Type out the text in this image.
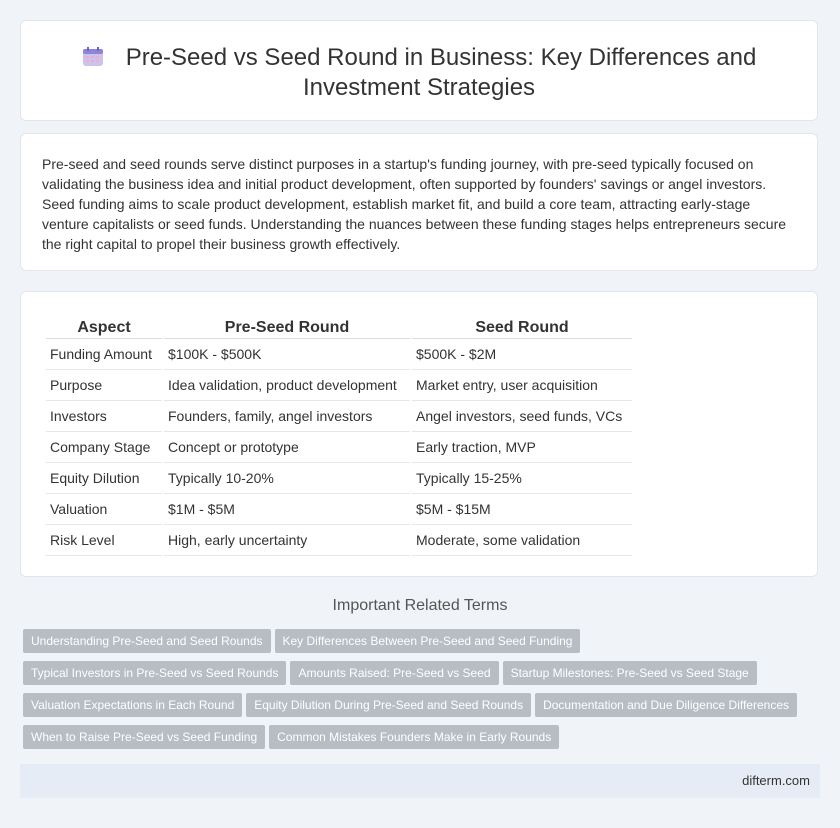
Pre-Seed vs Seed Round in Business: Key Differences and
Investment Strategies
Pre-seed and seed rounds serve distinct purposes in a startup's funding journey, with pre-seed typically focused on validating the business idea and initial product development, often supported by founders' savings or angel investors. Seed funding aims to scale product development, establish market fit, and build a core team, attracting early-stage venture capitalists or seed funds. Understanding the nuances between these funding stages helps entrepreneurs secure the right capital to propel their business growth effectively.
Aspect	Pre-Seed Round	Seed Round
Funding Amount	$100K - $500K	$500K - $2M
Purpose	Idea validation, product development	Market entry, user acquisition
Investors	Founders, family, angel investors	Angel investors, seed funds, VCs
Company Stage	Concept or prototype	Early traction, MVP
Equity Dilution	Typically 10-20%	Typically 15-25%
Valuation	$1M - $5M	$5M - $15M
Risk Level	High, early uncertainty	Moderate, some validation
Important Related Terms
Understanding Pre-Seed and Seed Rounds Key Differences Between Pre-Seed and Seed Funding
Typical Investors in Pre-Seed vs Seed Rounds Amounts Raised: Pre-Seed vs Seed Startup Milestones: Pre-Seed vs Seed Stage
Valuation Expectations in Each Round Equity Dilution During Pre-Seed and Seed Rounds Documentation and Due Diligence Differences
When to Raise Pre-Seed vs Seed Funding Common Mistakes Founders Make in Early Rounds
difterm.com
